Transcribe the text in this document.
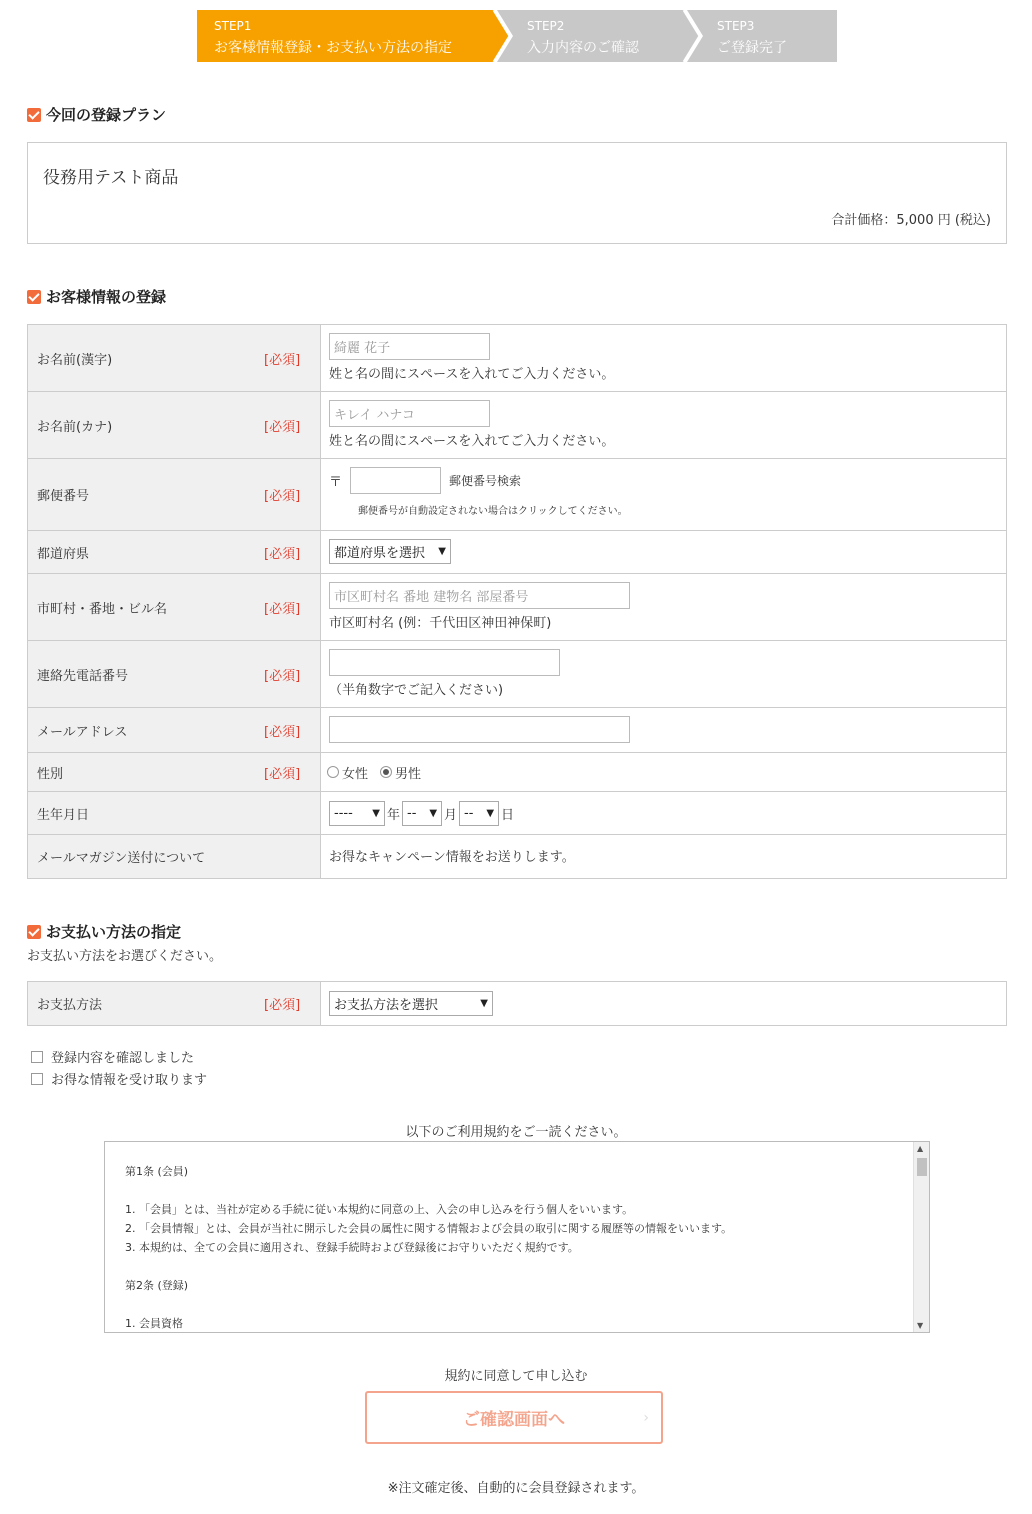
STEP1
お客様情報登録・お支払い方法の指定
STEP2
入力内容のご確認
STEP3
ご登録完了
今回の登録プラン
役務用テスト商品
合計価格：5,000 円 (税込)
お客様情報の登録
お名前(漢字)	[必須]
綺麗 花子
姓と名の間にスペースを入れてご入力ください。
お名前(カナ)	[必須]
キレイ ハナコ
姓と名の間にスペースを入れてご入力ください。
郵便番号	[必須]
〒	郵便番号検索
郵便番号が自動設定されない場合はクリックしてください。
都道府県	[必須]	都道府県を選択 ▼
市町村・番地・ビル名	[必須]
市区町村名 番地 建物名 部屋番号
市区町村名 (例：千代田区神田神保町)
連絡先電話番号	[必須]
（半角数字でご記入ください)
メールアドレス	[必須]
性別	[必須]	女性 男性
生年月日	---- ▼ 年 -- ▼ 月 -- ▼ 日
メールマガジン送付について	お得なキャンペーン情報をお送りします。
お支払い方法の指定
お支払い方法をお選びください。
お支払方法	[必須]	お支払方法を選択	▼
登録内容を確認しました
お得な情報を受け取ります
以下のご利用規約をご一読ください。
第1条 (会員)
1. 「会員」とは、当社が定める手続に従い本規約に同意の上、入会の申し込みを行う個人をいいます。
2. 「会員情報」とは、会員が当社に開示した会員の属性に関する情報および会員の取引に関する履歴等の情報をいいます。
3. 本規約は、全ての会員に適用され、登録手続時および登録後にお守りいただく規約です。
第2条 (登録)
1. 会員資格
▲
▼
規約に同意して申し込む
ご確認画面へ	›
※注文確定後、自動的に会員登録されます。
